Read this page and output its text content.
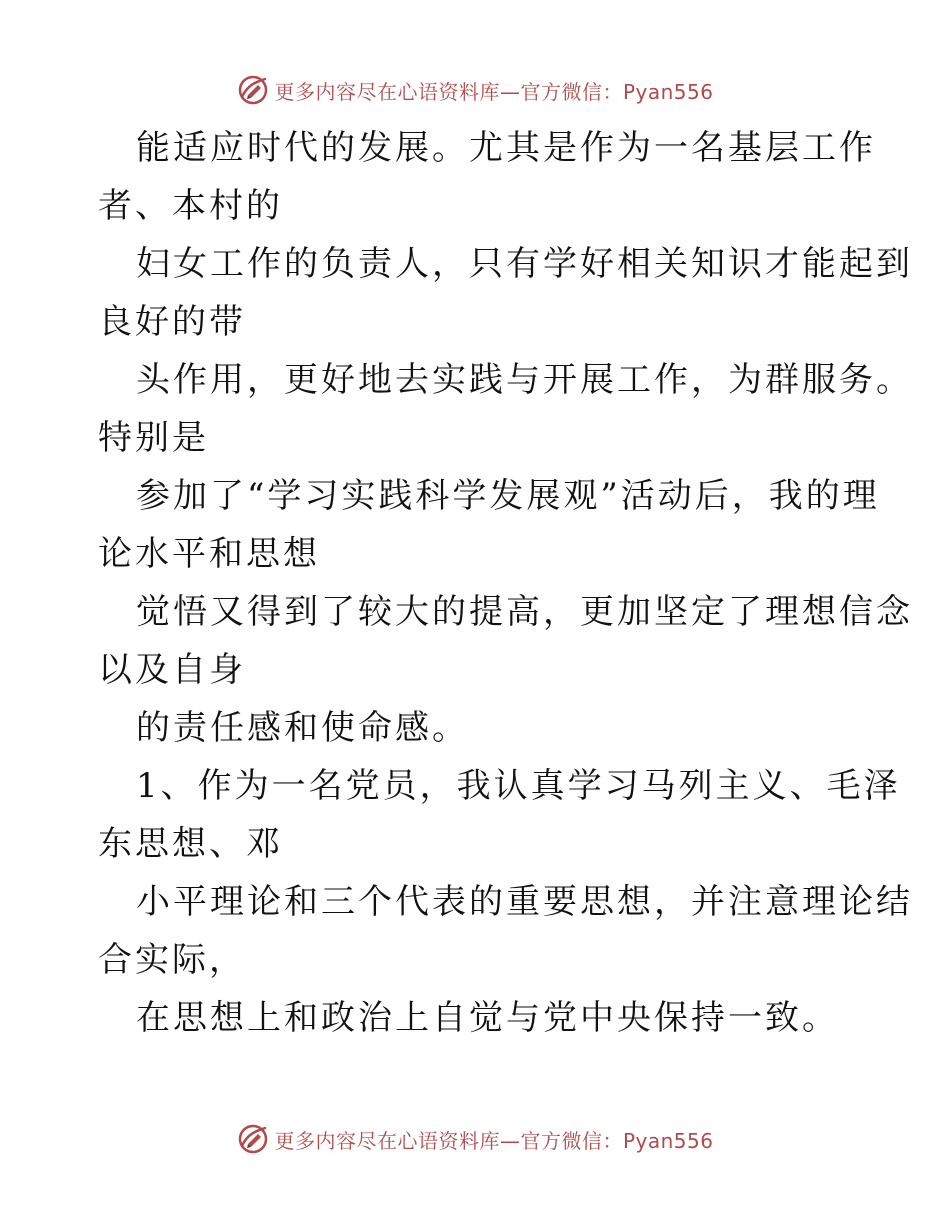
更多内容尽在心语资料库—官方微信：Pyan556
能适应时代的发展。尤其是作为一名基层工作
者、本村的
妇女工作的负责人，只有学好相关知识才能起到
良好的带
头作用，更好地去实践与开展工作，为群服务。
特别是
参加了“学习实践科学发展观”活动后，我的理
论水平和思想
觉悟又得到了较大的提高，更加坚定了理想信念
以及自身
的责任感和使命感。
1、作为一名党员，我认真学习马列主义、毛泽
东思想、邓
小平理论和三个代表的重要思想，并注意理论结
合实际，
在思想上和政治上自觉与党中央保持一致。
更多内容尽在心语资料库—官方微信：Pyan556
